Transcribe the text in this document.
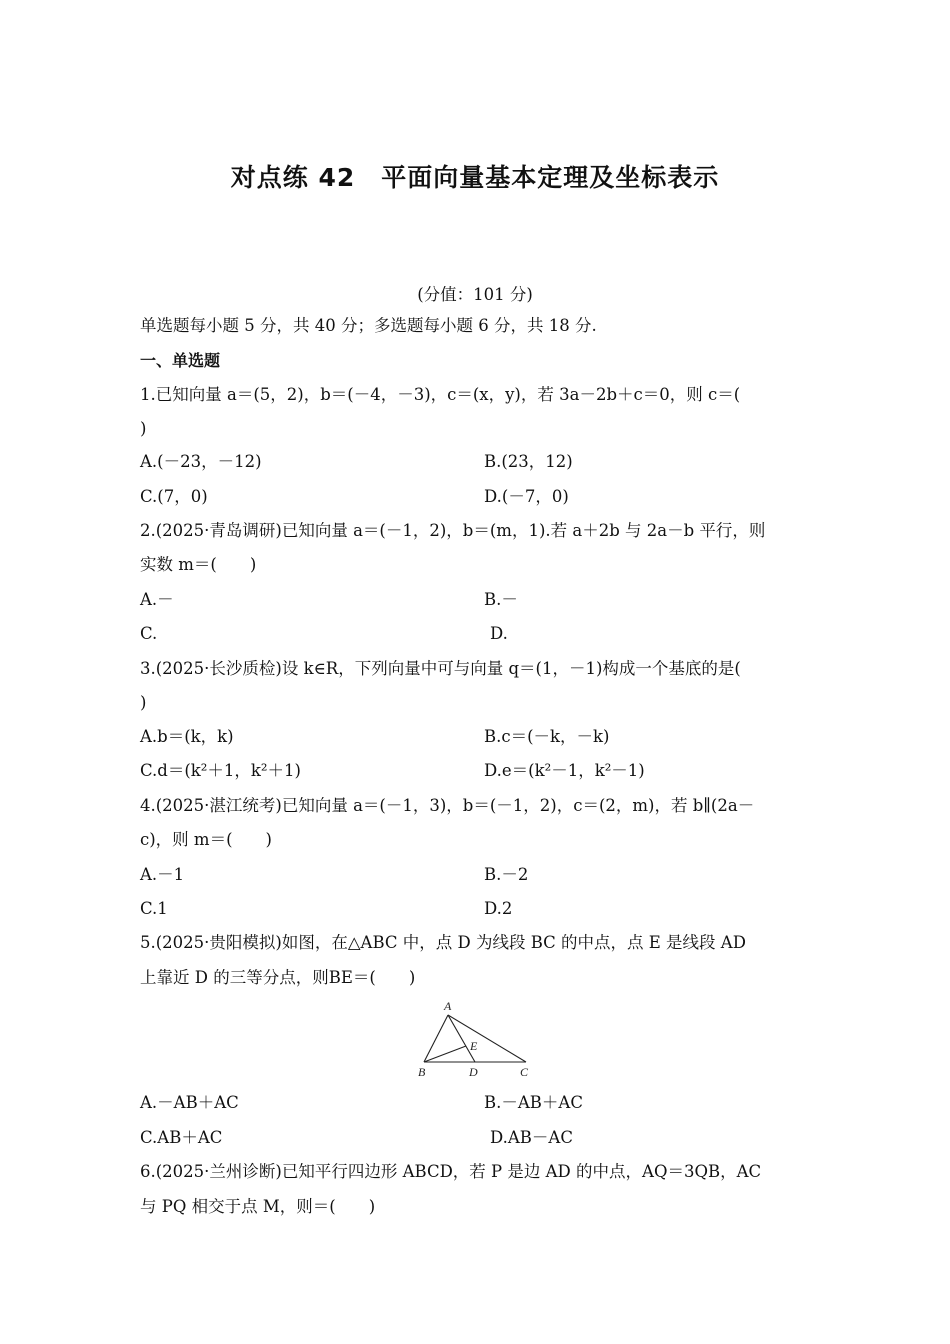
对点练 42 平面向量基本定理及坐标表示
(分值：101 分)
单选题每小题 5 分，共 40 分；多选题每小题 6 分，共 18 分.
一、单选题
1.已知向量 a＝(5，2)，b＝(－4，－3)，c＝(x，y)，若 3a－2b＋c＝0，则 c＝(
)
A.(－23，－12)	B.(23，12)
C.(7，0)	D.(－7，0)
2.(2025·青岛调研)已知向量 a＝(－1，2)，b＝(m，1).若 a＋2b 与 2a－b 平行，则
实数 m＝(　　)
A.－	B.－
C.	D.
3.(2025·长沙质检)设 k∈R，下列向量中可与向量 q＝(1，－1)构成一个基底的是(
)
A.b＝(k，k)	B.c＝(－k，－k)
C.d＝(k²＋1，k²＋1)	D.e＝(k²－1，k²－1)
4.(2025·湛江统考)已知向量 a＝(－1，3)，b＝(－1，2)，c＝(2，m)，若 b∥(2a－
c)，则 m＝(　　)
A.－1	B.－2
C.1	D.2
5.(2025·贵阳模拟)如图，在△ABC 中，点 D 为线段 BC 的中点，点 E 是线段 AD
上靠近 D 的三等分点，则BE＝(　　)
A
B	C
D
E
A.－AB＋AC	B.－AB＋AC
C.AB＋AC	D.AB－AC
6.(2025·兰州诊断)已知平行四边形 ABCD，若 P 是边 AD 的中点，AQ＝3QB，AC
与 PQ 相交于点 M，则＝(　　)
